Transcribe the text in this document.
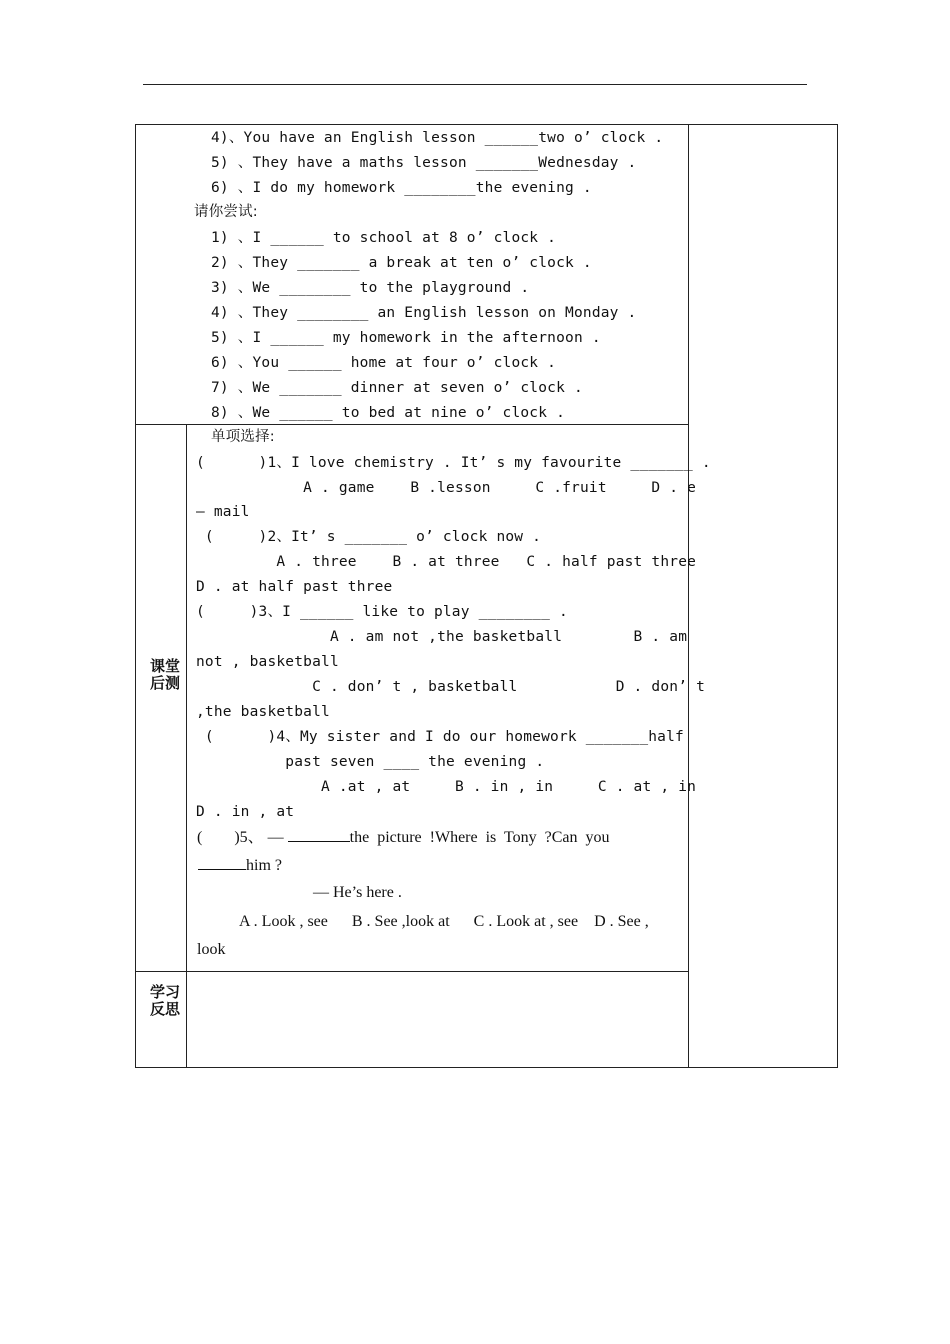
4)、You have an English lesson ______two o’ clock .
5) 、They have a maths lesson _______Wednesday .
6) 、I do my homework ________the evening .
请你尝试:
1) 、I ______ to school at 8 o’ clock .
2) 、They _______ a break at ten o’ clock .
3) 、We ________ to the playground .
4) 、They ________ an English lesson on Monday .
5) 、I ______ my homework in the afternoon .
6) 、You ______ home at four o’ clock .
7) 、We _______ dinner at seven o’ clock .
8) 、We ______ to bed at nine o’ clock .
课堂后测
单项选择:
(      )1、I love chemistry . It’ s my favourite _______ .
A . game    B .lesson     C .fruit     D . e
— mail
(     )2、It’ s _______ o’ clock now .
A . three    B . at three   C . half past three
D . at half past three
(     )3、I ______ like to play ________ .
A . am not ,the basketball        B . am
not , basketball
C . don’ t , basketball           D . don’ t
,the basketball
(      )4、My sister and I do our homework _______half
past seven ____ the evening .
A .at , at     B . in , in     C . at , in
D . in , at
(        )5、 —	the  picture  !Where  is  Tony  ?Can  you
him ?
— He’s here .
A . Look , see      B . See ,look at      C . Look at , see    D . See ,
look
学习反思
